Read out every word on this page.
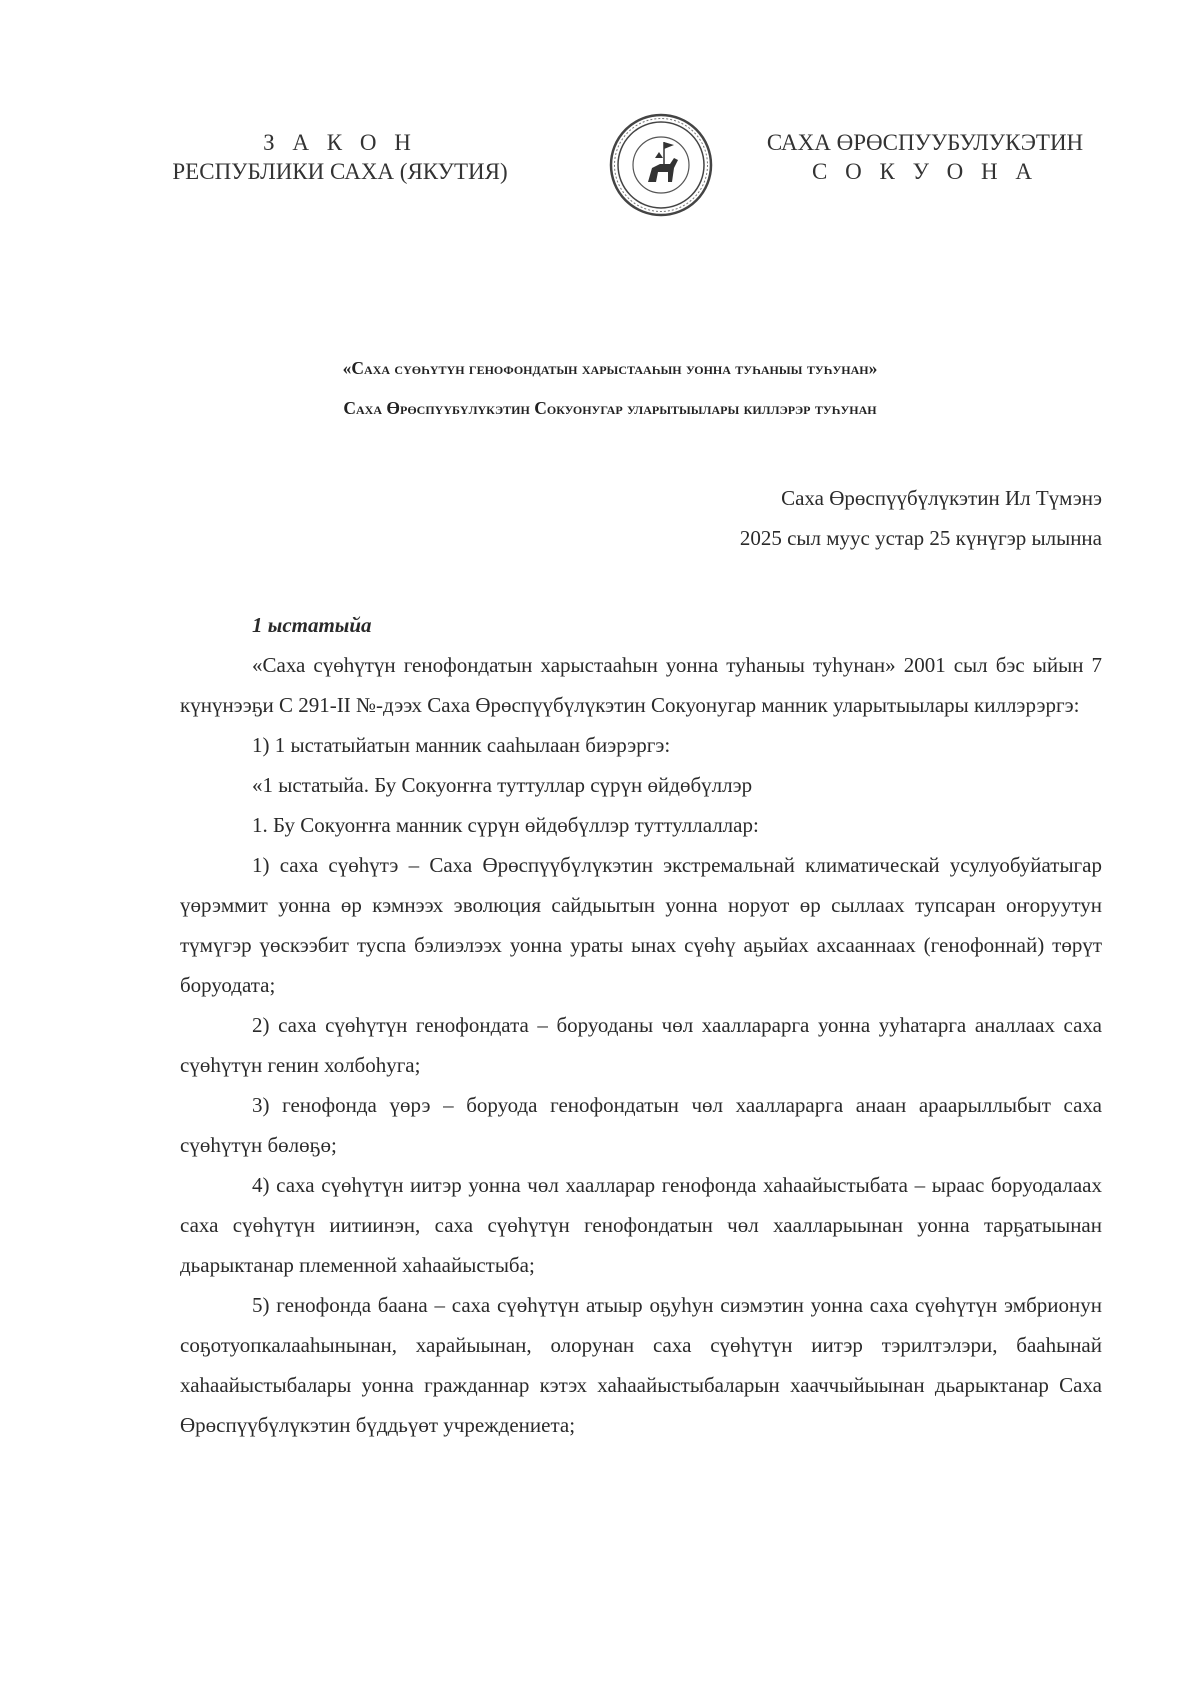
З А К О Н
РЕСПУБЛИКИ САХА (ЯКУТИЯ)
САХА ӨРӨСПУУБУЛУКЭТИН
С О К У О Н А
«Саха сүөһүтүн генофондатын харыстааһын уонна туһаныы туһунан»
Саха Өрөспүүбүлүкэтин Сокуонугар уларытыылары киллэрэр туһунан
Саха Өрөспүүбүлүкэтин Ил Түмэнэ
2025 сыл муус устар 25 күнүгэр ылынна
1 ыстатыйа

«Саха сүөһүтүн генофондатын харыстааһын уонна туһаныы туһунан» 2001 сыл бэс ыйын 7 күнүнээҕи С 291-II №-дээх Саха Өрөспүүбүлүкэтин Сокуонугар манник уларытыылары киллэрэргэ:

1) 1 ыстатыйатын манник сааһылаан биэрэргэ:

«1 ыстатыйа. Бу Сокуоҥҥа туттуллар сүрүн өйдөбүллэр

1. Бу Сокуоҥҥа манник сүрүн өйдөбүллэр туттуллаллар:

1) саха сүөһүтэ – Саха Өрөспүүбүлүкэтин экстремальнай климатическай усулуобуйатыгар үөрэммит уонна өр кэмнээх эволюция сайдыытын уонна норуот өр сыллаах тупсаран оҥоруутун түмүгэр үөскээбит туспа бэлиэлээх уонна ураты ынах сүөһү аҕыйах ахсааннаах (генофоннай) төрүт боруодата;

2) саха сүөһүтүн генофондата – боруоданы чөл хаалларарга уонна ууһатарга аналлаах саха сүөһүтүн генин холбоһуга;

3) генофонда үөрэ – боруода генофондатын чөл хаалларарга анаан араарыллыбыт саха сүөһүтүн бөлөҕө;

4) саха сүөһүтүн иитэр уонна чөл хааллараp генофонда хаһаайыстыбата – ыраас боруодалаах саха сүөһүтүн иитиинэн, саха сүөһүтүн генофондатын чөл хаалларыынан уонна тарҕатыынан дьарыктанар племенной хаһаайыстыба;

5) генофонда баана – саха сүөһүтүн атыыр оҕуһун сиэмэтин уонна саха сүөһүтүн эмбрионун соҕотуопкалааһынынан, харайыынан, олорунан саха сүөһүтүн иитэр тэрилтэлэри, бааһынай хаһаайыстыбалары уонна гражданнар кэтэх хаһаайыстыбаларын хааччыйыынан дьарыктанар Саха Өрөспүүбүлүкэтин бүддьүөт учреждениета;
